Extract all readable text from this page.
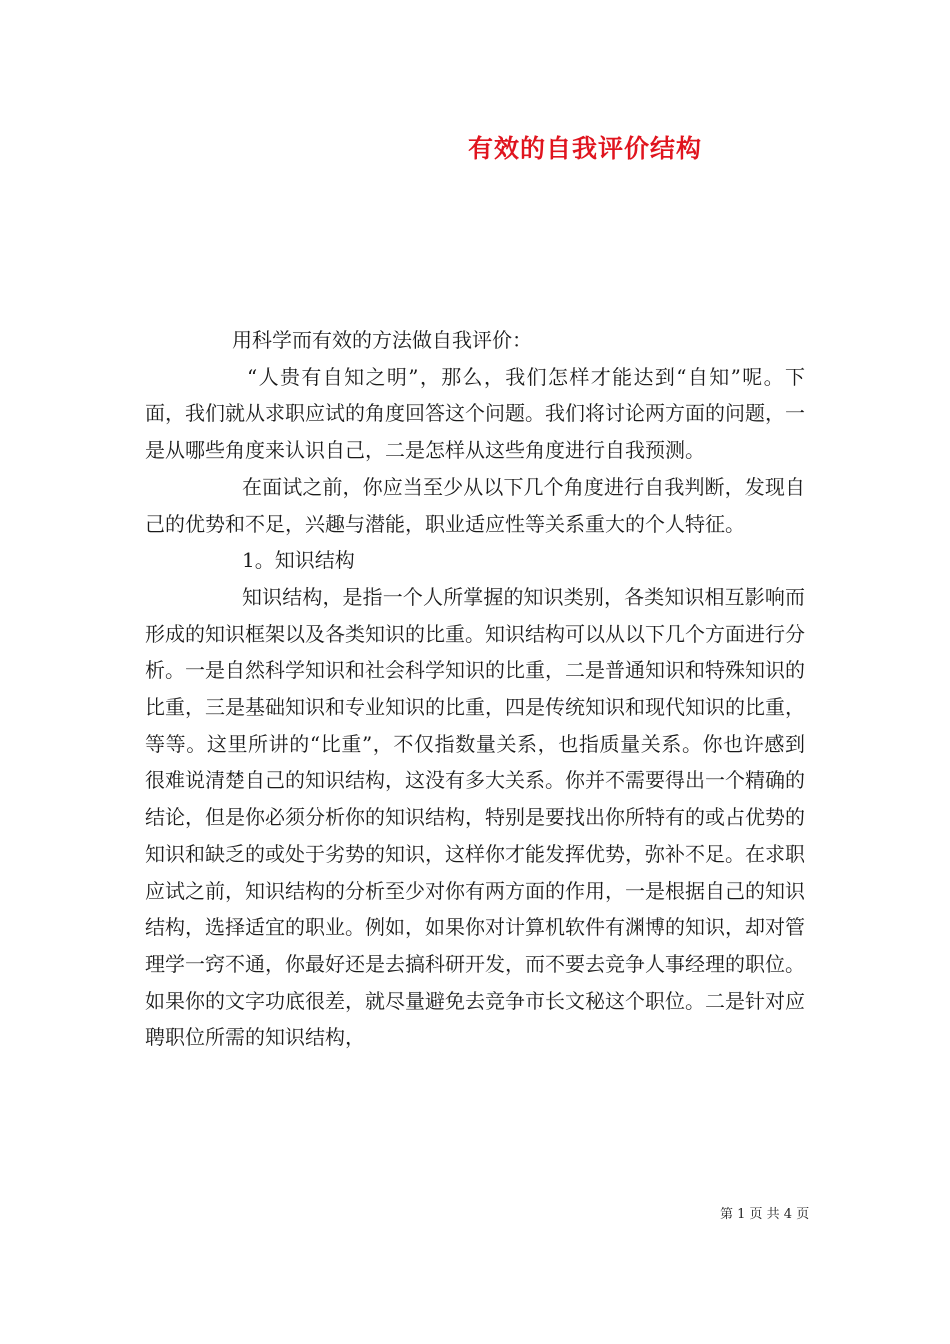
有效的自我评价结构

用科学而有效的方法做自我评价：

“人贵有自知之明”，那么，我们怎样才能达到“自知”呢。下面，我们就从求职应试的角度回答这个问题。我们将讨论两方面的问题，一是从哪些角度来认识自己，二是怎样从这些角度进行自我预测。

在面试之前，你应当至少从以下几个角度进行自我判断，发现自己的优势和不足，兴趣与潜能，职业适应性等关系重大的个人特征。

1。知识结构

知识结构，是指一个人所掌握的知识类别，各类知识相互影响而形成的知识框架以及各类知识的比重。知识结构可以从以下几个方面进行分析。一是自然科学知识和社会科学知识的比重，二是普通知识和特殊知识的比重，三是基础知识和专业知识的比重，四是传统知识和现代知识的比重，等等。这里所讲的“比重”，不仅指数量关系，也指质量关系。你也许感到很难说清楚自己的知识结构，这没有多大关系。你并不需要得出一个精确的结论，但是你必须分析你的知识结构，特别是要找出你所特有的或占优势的知识和缺乏的或处于劣势的知识，这样你才能发挥优势，弥补不足。在求职应试之前，知识结构的分析至少对你有两方面的作用，一是根据自己的知识结构，选择适宜的职业。例如，如果你对计算机软件有渊博的知识，却对管理学一窍不通，你最好还是去搞科研开发，而不要去竞争人事经理的职位。如果你的文字功底很差，就尽量避免去竞争市长文秘这个职位。二是针对应聘职位所需的知识结构，

第 1 页 共 4 页
